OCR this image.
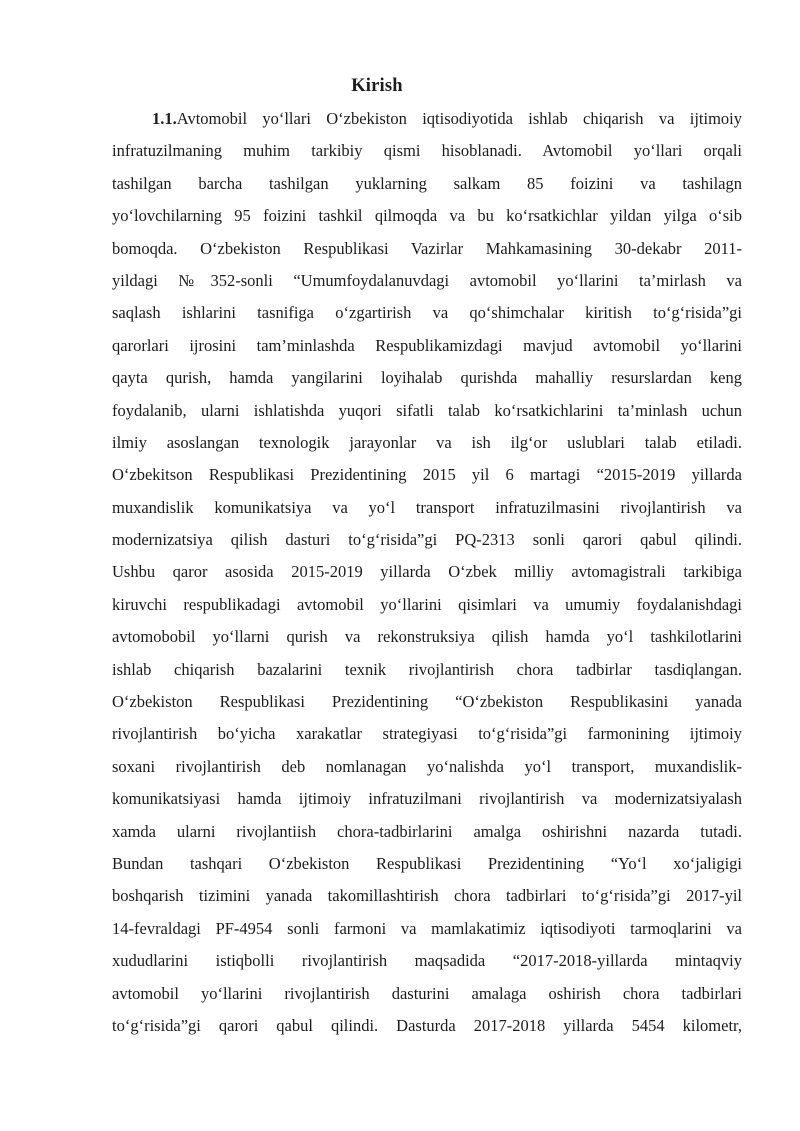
Kirish
1.1.Avtomobil yo‘llari O‘zbekiston iqtisodiyotida ishlab chiqarish va ijtimoiy
infratuzilmaning muhim tarkibiy qismi hisoblanadi. Avtomobil yo‘llari orqali
tashilgan barcha tashilgan yuklarning salkam 85 foizini va tashilagn
yo‘lovchilarning 95 foizini tashkil qilmoqda va bu ko‘rsatkichlar yildan yilga o‘sib
bomoqda. O‘zbekiston Respublikasi Vazirlar Mahkamasining 30-dekabr 2011-
yildagi №352-sonli “Umumfoydalanuvdagi avtomobil yo‘llarini ta’mirlash va
saqlash ishlarini tasnifiga o‘zgartirish va qo‘shimchalar kiritish to‘g‘risida”gi
qarorlari ijrosini tam’minlashda Respublikamizdagi mavjud avtomobil yo‘llarini
qayta qurish, hamda yangilarini loyihalab qurishda mahalliy resurslardan keng
foydalanib, ularni ishlatishda yuqori sifatli talab ko‘rsatkichlarini ta’minlash uchun
ilmiy asoslangan texnologik jarayonlar va ish ilg‘or uslublari talab etiladi.
O‘zbekitson Respublikasi Prezidentining 2015 yil 6 martagi “2015-2019 yillarda
muxandislik komunikatsiya va yo‘l transport infratuzilmasini rivojlantirish va
modernizatsiya qilish dasturi to‘g‘risida”gi PQ-2313 sonli qarori qabul qilindi.
Ushbu qaror asosida 2015-2019 yillarda O‘zbek milliy avtomagistrali tarkibiga
kiruvchi respublikadagi avtomobil yo‘llarini qisimlari va umumiy foydalanishdagi
avtomobobil yo‘llarni qurish va rekonstruksiya qilish hamda yo‘l tashkilotlarini
ishlab chiqarish bazalarini texnik rivojlantirish chora tadbirlar tasdiqlangan.
O‘zbekiston Respublikasi Prezidentining “O‘zbekiston Respublikasini yanada
rivojlantirish bo‘yicha xarakatlar strategiyasi to‘g‘risida”gi farmonining ijtimoiy
soxani rivojlantirish deb nomlanagan yo‘nalishda yo‘l transport, muxandislik-
komunikatsiyasi hamda ijtimoiy infratuzilmani rivojlantirish va modernizatsiyalash
xamda ularni rivojlantiish chora-tadbirlarini amalga oshirishni nazarda tutadi.
Bundan tashqari O‘zbekiston Respublikasi Prezidentining “Yo‘l xo‘jaligigi
boshqarish tizimini yanada takomillashtirish chora tadbirlari to‘g‘risida”gi 2017-yil
14-fevraldagi PF-4954 sonli farmoni va mamlakatimiz iqtisodiyoti tarmoqlarini va
xududlarini istiqbolli rivojlantirish maqsadida “2017-2018-yillarda mintaqviy
avtomobil yo‘llarini rivojlantirish dasturini amalaga oshirish chora tadbirlari
to‘g‘risida”gi qarori qabul qilindi. Dasturda 2017-2018 yillarda 5454 kilometr,
